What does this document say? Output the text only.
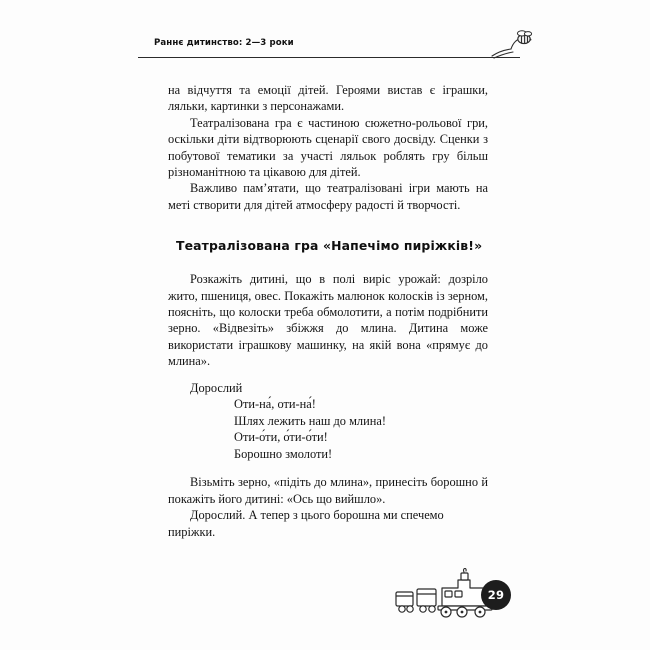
Раннє дитинство: 2—3 роки

на відчуття та емоції дітей. Героями вистав є іграшки, ляльки, картинки з персонажами.

Театралізована гра є частиною сюжетно-рольової гри, оскільки діти відтворюють сценарії свого досвіду. Сценки з побутової тематики за участі ляльок роблять гру більш різноманітною та цікавою для дітей.

Важливо пам’ятати, що театралізовані ігри мають на меті створити для дітей атмосферу радості й творчості.

Театралізована гра «Напечімо пиріжків!»

Розкажіть дитині, що в полі виріс урожай: дозріло жито, пшениця, овес. Покажіть малюнок колосків із зерном, поясніть, що колоски треба обмолотити, а потім подрібнити зерно. «Відвезіть» збіжжя до млина. Дитина може використати іграшкову машинку, на якій вона «прямує до млина».

Дорослий

Оти-на́, оти-на́!
Шлях лежить наш до млина!
Оти-о́ти, о́ти-о́ти!
Борошно змолоти!

Візьміть зерно, «підіть до млина», принесіть борошно й покажіть його дитині: «Ось що вийшло».

Дорослий. А тепер з цього борошна ми спечемо пиріжки.

29
